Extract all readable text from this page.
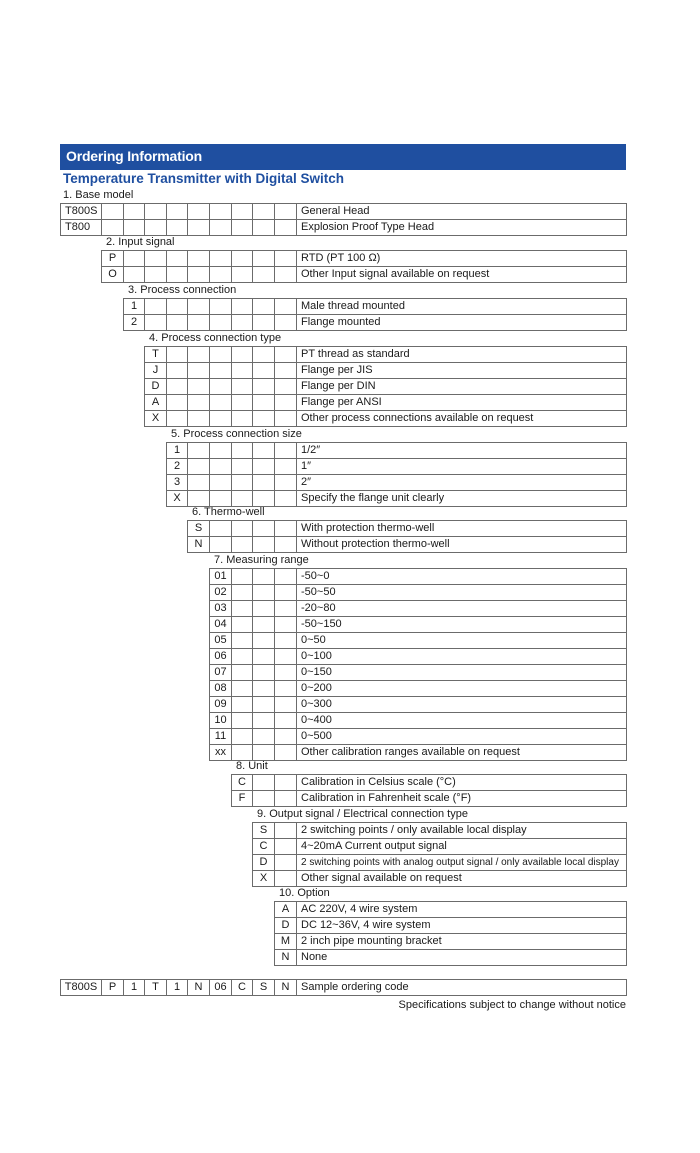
Ordering Information
Temperature Transmitter with Digital Switch
1. Base model
T800S										General Head
T800										Explosion Proof Type Head
2. Input signal
P									RTD (PT 100 Ω)
O									Other Input signal available on request
3. Process connection
1								Male thread mounted
2								Flange mounted
4. Process connection type
T							PT thread as standard
J							Flange per JIS
D							Flange per DIN
A							Flange per ANSI
X							Other process connections available on request
5. Process connection size
1						1/2″
2						1″
3						2″
X						Specify the flange unit clearly
6. Thermo-well
S					With protection thermo-well
N					Without protection thermo-well
7. Measuring range
01				-50~0
02				-50~50
03				-20~80
04				-50~150
05				0~50
06				0~100
07				0~150
08				0~200
09				0~300
10				0~400
11				0~500
xx				Other calibration ranges available on request
8. Unit
C			Calibration in Celsius scale (°C)
F			Calibration in Fahrenheit scale (°F)
9. Output signal / Electrical connection type
S		2 switching points / only available local display
C		4~20mA Current output signal
D		2 switching points with analog output signal / only available local display
X		Other signal available on request
10. Option
A	AC 220V, 4 wire system
D	DC 12~36V, 4 wire system
M	2 inch pipe mounting bracket
N	None
T800S	P	1	T	1	N	06	C	S	N	Sample ordering code
Specifications subject to change without notice
